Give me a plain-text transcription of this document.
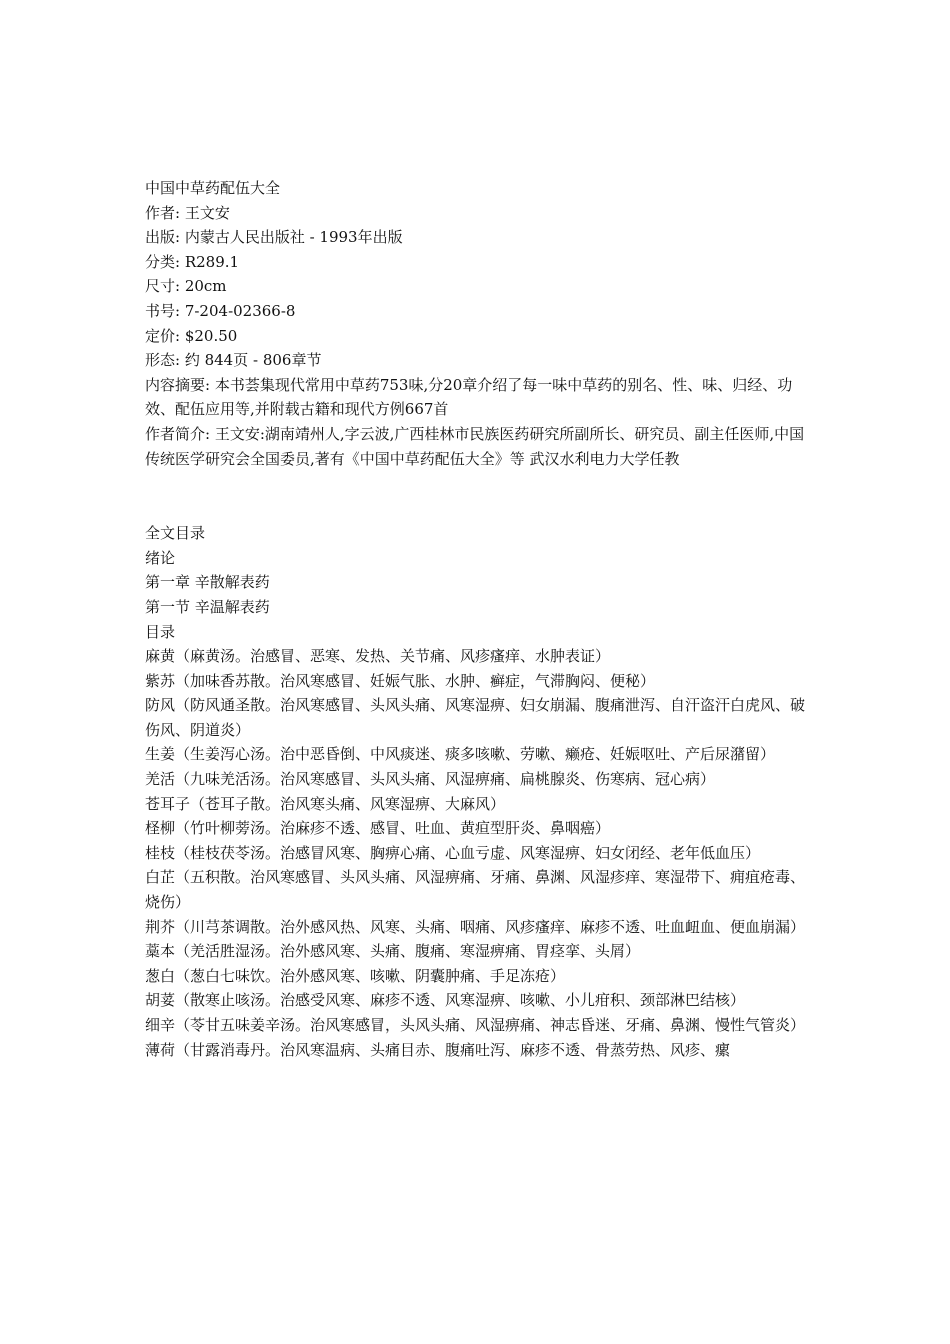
中国中草药配伍大全
作者: 王文安
出版: 内蒙古人民出版社 - 1993年出版
分类: R289.1
尺寸: 20cm
书号: 7-204-02366-8
定价: $20.50
形态: 约 844页 - 806章节
内容摘要: 本书荟集现代常用中草药753味,分20章介绍了每一味中草药的别名、性、味、归经、功效、配伍应用等,并附载古籍和现代方例667首
作者简介: 王文安:湖南靖州人,字云波,广西桂林市民族医药研究所副所长、研究员、副主任医师,中国传统医学研究会全国委员,著有《中国中草药配伍大全》等 武汉水利电力大学任教
全文目录
绪论
第一章 辛散解表药
第一节 辛温解表药
目录
麻黄（麻黄汤。治感冒、恶寒、发热、关节痛、风疹瘙痒、水肿表证）
紫苏（加味香苏散。治风寒感冒、妊娠气胀、水肿、癣症，气滞胸闷、便秘）
防风（防风通圣散。治风寒感冒、头风头痛、风寒湿痹、妇女崩漏、腹痛泄泻、自汗盗汗白虎风、破伤风、阴道炎）
生姜（生姜泻心汤。治中恶昏倒、中风痰迷、痰多咳嗽、劳嗽、癞疮、妊娠呕吐、产后尿潴留）
羌活（九味羌活汤。治风寒感冒、头风头痛、风湿痹痛、扁桃腺炎、伤寒病、冠心病）
苍耳子（苍耳子散。治风寒头痛、风寒湿痹、大麻风）
柽柳（竹叶柳蒡汤。治麻疹不透、感冒、吐血、黄疸型肝炎、鼻咽癌）
桂枝（桂枝茯苓汤。治感冒风寒、胸痹心痛、心血亏虚、风寒湿痹、妇女闭经、老年低血压）
白芷（五积散。治风寒感冒、头风头痛、风湿痹痛、牙痛、鼻渊、风湿疹痒、寒湿带下、痈疽疮毒、烧伤）
荆芥（川芎茶调散。治外感风热、风寒、头痛、咽痛、风疹瘙痒、麻疹不透、吐血衄血、便血崩漏）
藁本（羌活胜湿汤。治外感风寒、头痛、腹痛、寒湿痹痛、胃痉挛、头屑）
葱白（葱白七味饮。治外感风寒、咳嗽、阴囊肿痛、手足冻疮）
胡荽（散寒止咳汤。治感受风寒、麻疹不透、风寒湿痹、咳嗽、小儿疳积、颈部淋巴结核）
细辛（苓甘五味姜辛汤。治风寒感冒，头风头痛、风湿痹痛、神志昏迷、牙痛、鼻渊、慢性气管炎）
薄荷（甘露消毒丹。治风寒温病、头痛目赤、腹痛吐泻、麻疹不透、骨蒸劳热、风疹、瘰
